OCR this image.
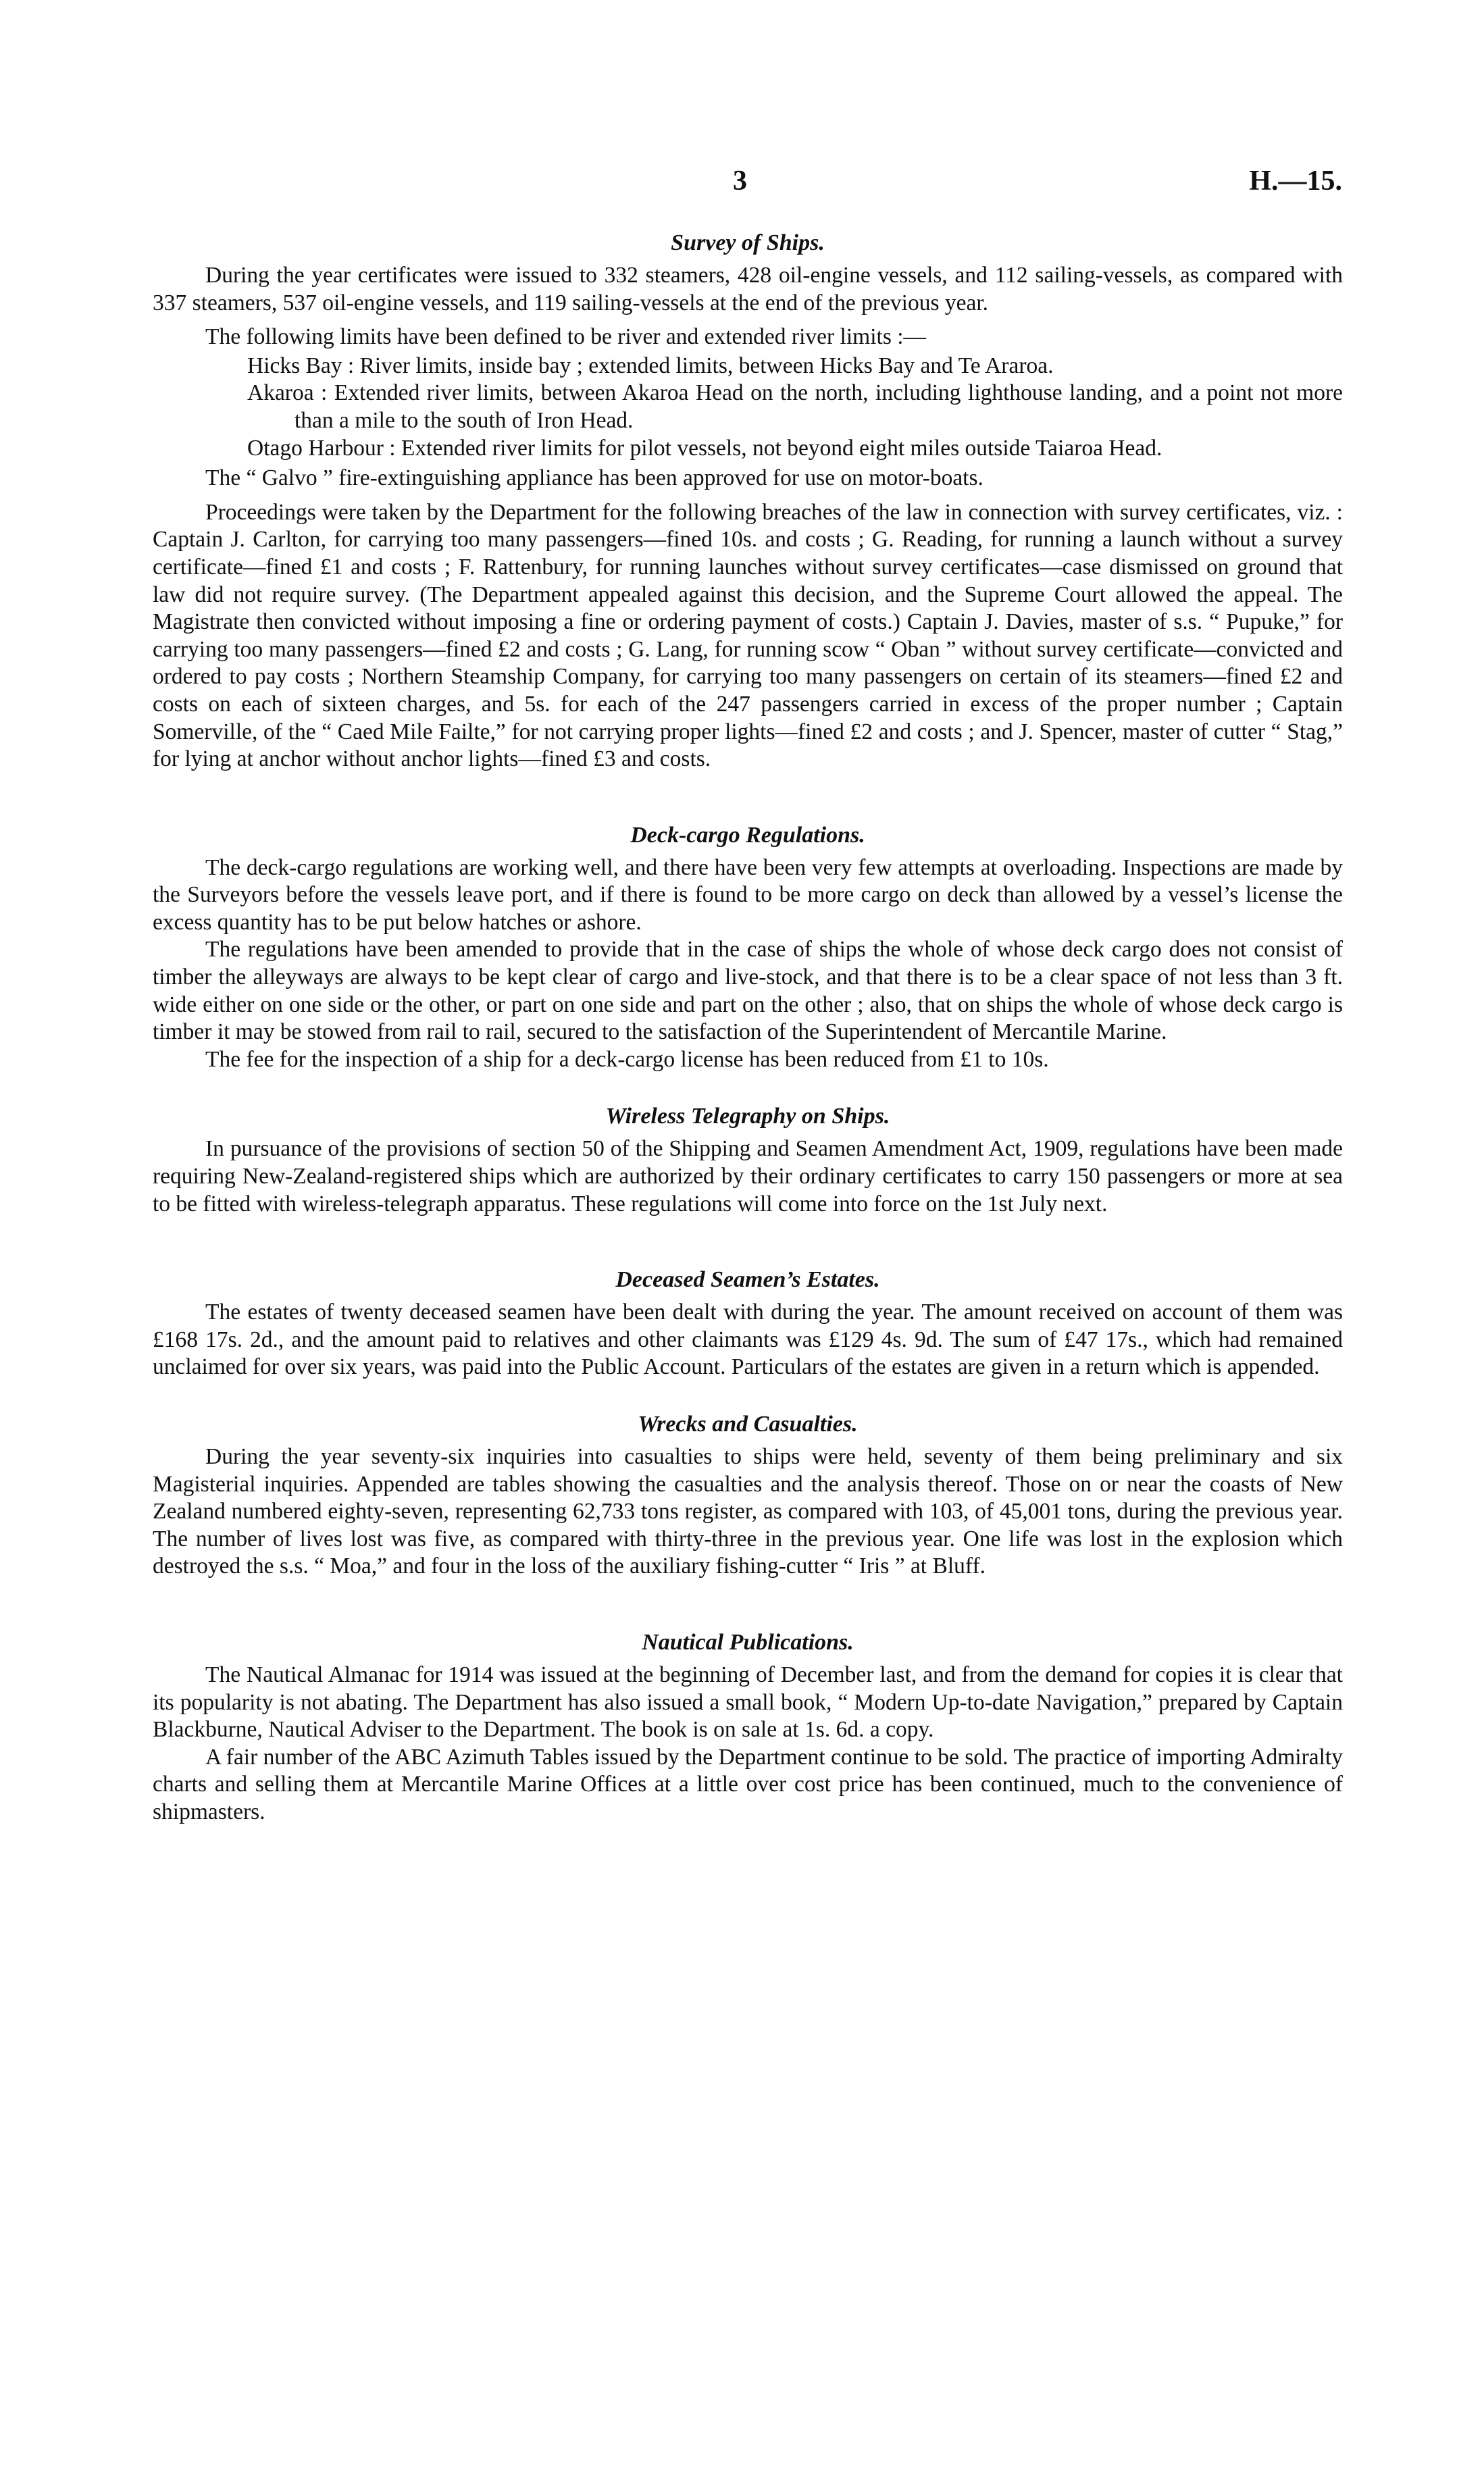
3	H.—15.
Survey of Ships.

During the year certificates were issued to 332 steamers, 428 oil-engine vessels, and 112 sailing-vessels, as compared with 337 steamers, 537 oil-engine vessels, and 119 sailing-vessels at the end of the previous year.

The following limits have been defined to be river and extended river limits :—

Hicks Bay : River limits, inside bay ; extended limits, between Hicks Bay and Te Araroa.

Akaroa : Extended river limits, between Akaroa Head on the north, including lighthouse landing, and a point not more than a mile to the south of Iron Head.

Otago Harbour : Extended river limits for pilot vessels, not beyond eight miles outside Taiaroa Head.

The “ Galvo ” fire-extinguishing appliance has been approved for use on motor-boats.

Proceedings were taken by the Department for the following breaches of the law in connection with survey certificates, viz. : Captain J. Carlton, for carrying too many passengers—fined 10s. and costs ; G. Reading, for running a launch without a survey certificate—fined £1 and costs ; F. Rattenbury, for running launches without survey certificates—case dismissed on ground that law did not require survey. (The Department appealed against this decision, and the Supreme Court allowed the appeal. The Magistrate then convicted without imposing a fine or ordering payment of costs.) Captain J. Davies, master of s.s. “ Pupuke,” for carrying too many passengers—fined £2 and costs ; G. Lang, for running scow “ Oban ” without survey certificate—convicted and ordered to pay costs ; Northern Steamship Company, for carrying too many passengers on certain of its steamers—fined £2 and costs on each of sixteen charges, and 5s. for each of the 247 passengers carried in excess of the proper number ; Captain Somerville, of the “ Caed Mile Failte,” for not carrying proper lights—fined £2 and costs ; and J. Spencer, master of cutter “ Stag,” for lying at anchor without anchor lights—fined £3 and costs.

Deck-cargo Regulations.

The deck-cargo regulations are working well, and there have been very few attempts at overloading. Inspections are made by the Surveyors before the vessels leave port, and if there is found to be more cargo on deck than allowed by a vessel’s license the excess quantity has to be put below hatches or ashore.

The regulations have been amended to provide that in the case of ships the whole of whose deck cargo does not consist of timber the alleyways are always to be kept clear of cargo and live-stock, and that there is to be a clear space of not less than 3 ft. wide either on one side or the other, or part on one side and part on the other ; also, that on ships the whole of whose deck cargo is timber it may be stowed from rail to rail, secured to the satisfaction of the Superintendent of Mercantile Marine.

The fee for the inspection of a ship for a deck-cargo license has been reduced from £1 to 10s.

Wireless Telegraphy on Ships.

In pursuance of the provisions of section 50 of the Shipping and Seamen Amendment Act, 1909, regulations have been made requiring New-Zealand-registered ships which are authorized by their ordinary certificates to carry 150 passengers or more at sea to be fitted with wireless-telegraph apparatus. These regulations will come into force on the 1st July next.

Deceased Seamen’s Estates.

The estates of twenty deceased seamen have been dealt with during the year. The amount received on account of them was £168 17s. 2d., and the amount paid to relatives and other claimants was £129 4s. 9d. The sum of £47 17s., which had remained unclaimed for over six years, was paid into the Public Account. Particulars of the estates are given in a return which is appended.

Wrecks and Casualties.

During the year seventy-six inquiries into casualties to ships were held, seventy of them being preliminary and six Magisterial inquiries. Appended are tables showing the casualties and the analysis thereof. Those on or near the coasts of New Zealand numbered eighty-seven, representing 62,733 tons register, as compared with 103, of 45,001 tons, during the previous year. The number of lives lost was five, as compared with thirty-three in the previous year. One life was lost in the explosion which destroyed the s.s. “ Moa,” and four in the loss of the auxiliary fishing-cutter “ Iris ” at Bluff.

Nautical Publications.

The Nautical Almanac for 1914 was issued at the beginning of December last, and from the demand for copies it is clear that its popularity is not abating. The Department has also issued a small book, “ Modern Up-to-date Navigation,” prepared by Captain Blackburne, Nautical Adviser to the Department. The book is on sale at 1s. 6d. a copy.

A fair number of the ABC Azimuth Tables issued by the Department continue to be sold. The practice of importing Admiralty charts and selling them at Mercantile Marine Offices at a little over cost price has been continued, much to the convenience of shipmasters.
